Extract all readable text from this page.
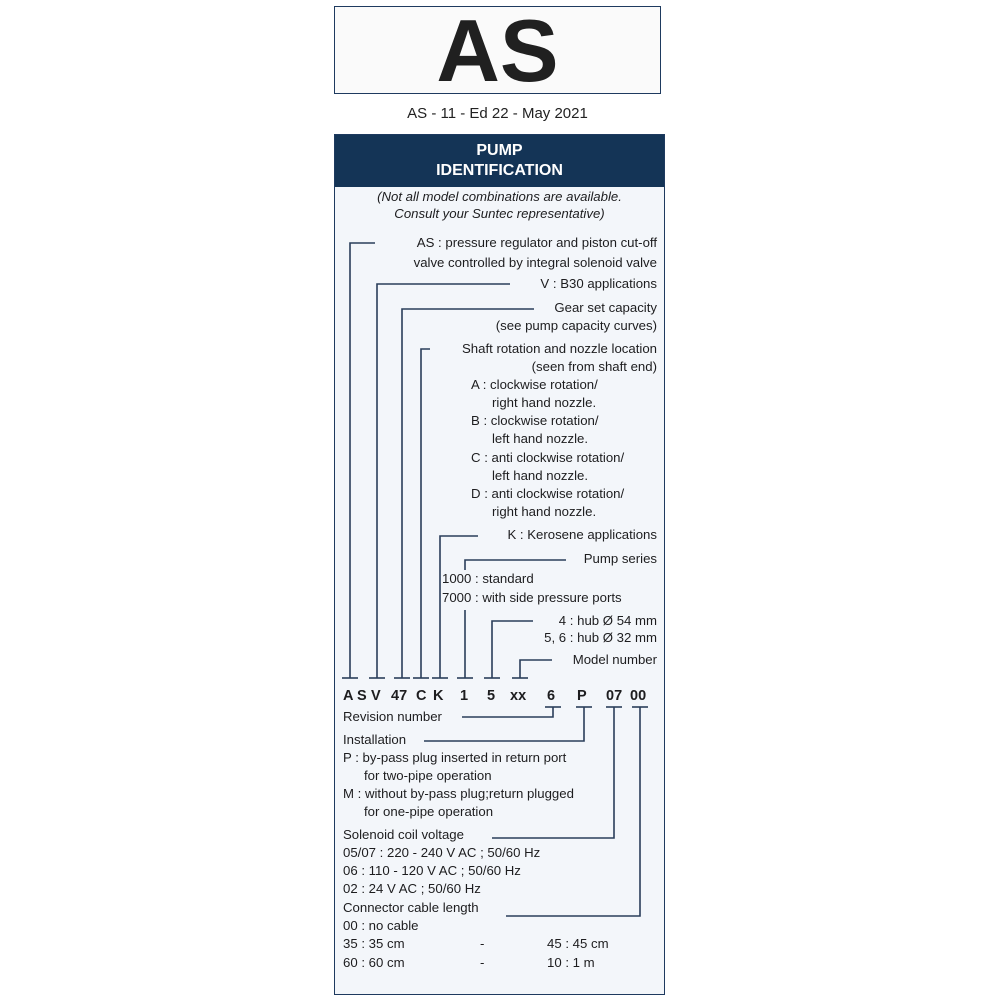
AS
AS - 11 - Ed 22 - May 2021
PUMP
IDENTIFICATION
(Not all model combinations are available.
Consult your Suntec representative)
AS : pressure regulator and piston cut-off
valve controlled by integral solenoid valve
V : B30 applications
Gear set capacity
(see pump capacity curves)
Shaft rotation and nozzle location
(seen from shaft end)
A : clockwise rotation/
right hand nozzle.
B : clockwise rotation/
left hand nozzle.
C : anti clockwise rotation/
left hand nozzle.
D : anti clockwise rotation/
right hand nozzle.
K : Kerosene applications
Pump series
1000 : standard
7000 : with side pressure ports
4 : hub Ø 54 mm
5, 6 : hub Ø 32 mm
Model number
A S V 47 C K 1 5 xx 6 P 07 00
Revision number
Installation
P : by-pass plug inserted in return port
for two-pipe operation
M : without by-pass plug;return plugged
for one-pipe operation
Solenoid coil voltage
05/07 : 220 - 240 V AC ; 50/60 Hz
06 : 110 - 120 V AC ; 50/60 Hz
02 : 24 V AC ; 50/60 Hz
Connector cable length
00 : no cable
35 : 35 cm	-	45 : 45 cm
60 : 60 cm	-	10 : 1 m
